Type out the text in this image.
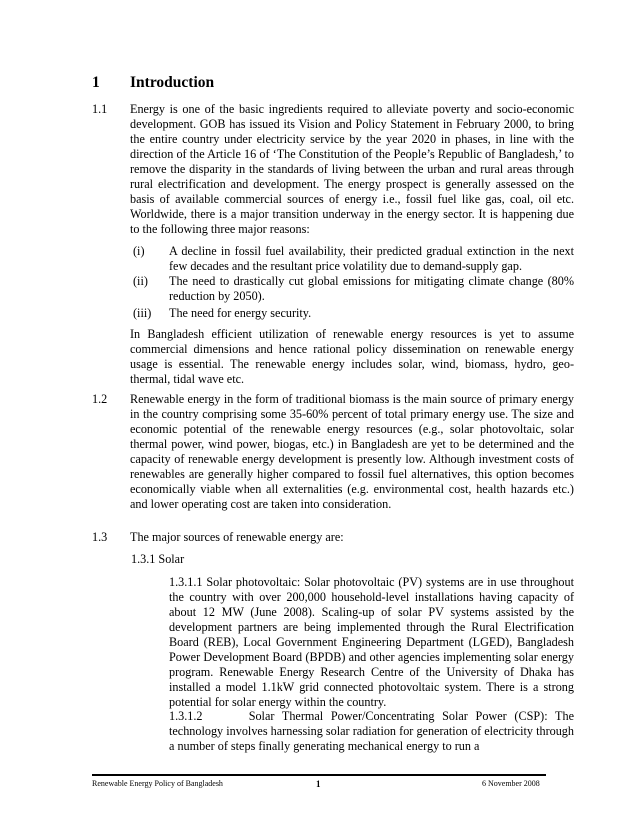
1 Introduction
1.1 Energy is one of the basic ingredients required to alleviate poverty and socio-economic development. GOB has issued its Vision and Policy Statement in February 2000, to bring the entire country under electricity service by the year 2020 in phases, in line with the direction of the Article 16 of ‘The Constitution of the People’s Republic of Bangladesh,’ to remove the disparity in the standards of living between the urban and rural areas through rural electrification and development. The energy prospect is generally assessed on the basis of available commercial sources of energy i.e., fossil fuel like gas, coal, oil etc. Worldwide, there is a major transition underway in the energy sector. It is happening due to the following three major reasons:
(i) A decline in fossil fuel availability, their predicted gradual extinction in the next few decades and the resultant price volatility due to demand-supply gap.
(ii) The need to drastically cut global emissions for mitigating climate change (80% reduction by 2050).
(iii) The need for energy security.
In Bangladesh efficient utilization of renewable energy resources is yet to assume commercial dimensions and hence rational policy dissemination on renewable energy usage is essential. The renewable energy includes solar, wind, biomass, hydro, geo-thermal, tidal wave etc.
1.2 Renewable energy in the form of traditional biomass is the main source of primary energy in the country comprising some 35-60% percent of total primary energy use. The size and economic potential of the renewable energy resources (e.g., solar photovoltaic, solar thermal power, wind power, biogas, etc.) in Bangladesh are yet to be determined and the capacity of renewable energy development is presently low. Although investment costs of renewables are generally higher compared to fossil fuel alternatives, this option becomes economically viable when all externalities (e.g. environmental cost, health hazards etc.) and lower operating cost are taken into consideration.
1.3 The major sources of renewable energy are:
1.3.1 Solar
1.3.1.1 Solar photovoltaic: Solar photovoltaic (PV) systems are in use throughout the country with over 200,000 household-level installations having capacity of about 12 MW (June 2008). Scaling-up of solar PV systems assisted by the development partners are being implemented through the Rural Electrification Board (REB), Local Government Engineering Department (LGED), Bangladesh Power Development Board (BPDB) and other agencies implementing solar energy program. Renewable Energy Research Centre of the University of Dhaka has installed a model 1.1kW grid connected photovoltaic system. There is a strong potential for solar energy within the country.
1.3.1.2      Solar Thermal Power/Concentrating Solar Power (CSP): The technology involves harnessing solar radiation for generation of electricity through a number of steps finally generating mechanical energy to run a
Renewable Energy Policy of Bangladesh	1	6 November 2008
